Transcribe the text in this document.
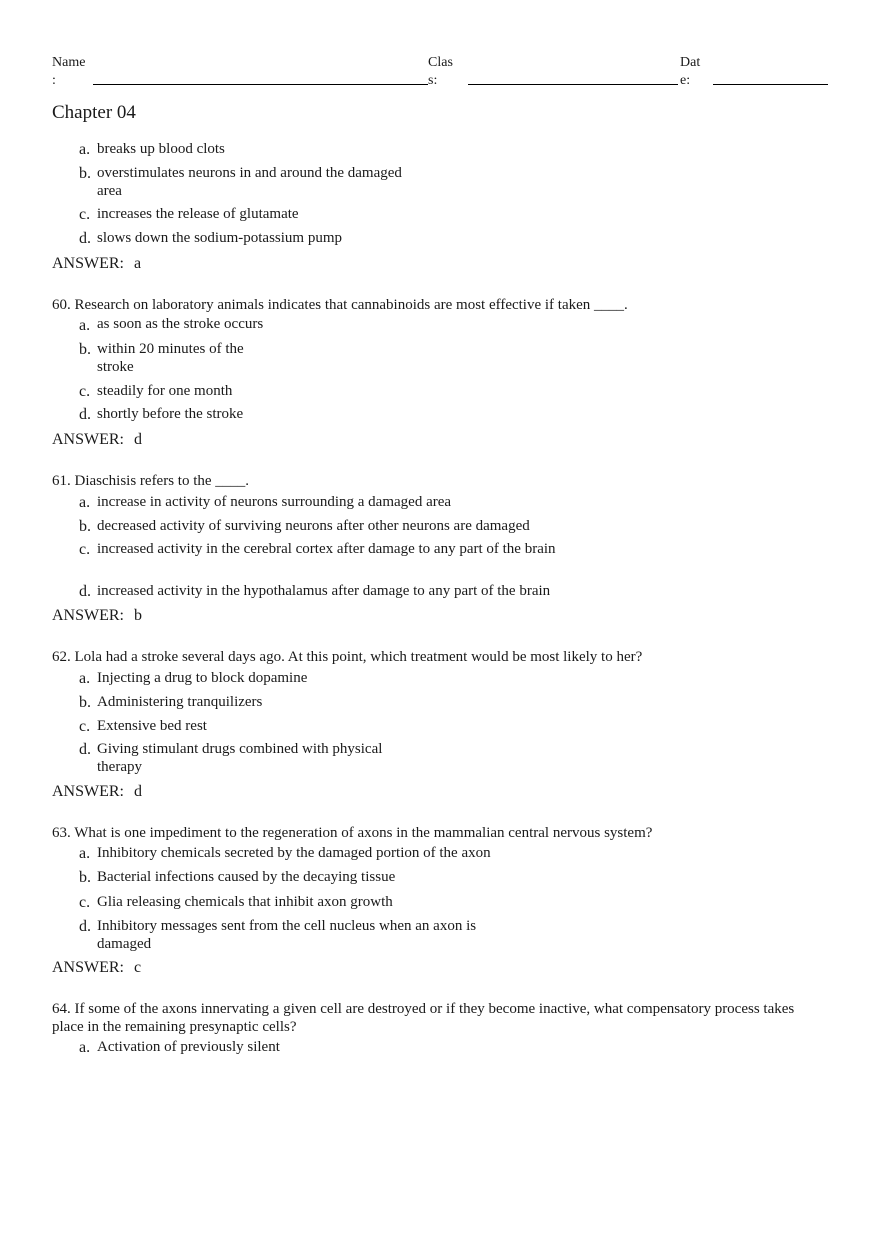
Name
:
Clas
s:
Dat
e:
Chapter 04
a. breaks up blood clots
b. overstimulates neurons in and around the damaged area
c. increases the release of glutamate
d. slows down the sodium-potassium pump
ANSWER: a
60. Research on laboratory animals indicates that cannabinoids are most effective if taken ____.
a. as soon as the stroke occurs
b. within 20 minutes of the stroke
c. steadily for one month
d. shortly before the stroke
ANSWER: d
61. Diaschisis refers to the ____.
a. increase in activity of neurons surrounding a damaged area
b. decreased activity of surviving neurons after other neurons are damaged
c. increased activity in the cerebral cortex after damage to any part of the brain
d. increased activity in the hypothalamus after damage to any part of the brain
ANSWER: b
62. Lola had a stroke several days ago. At this point, which treatment would be most likely to her?
a. Injecting a drug to block dopamine
b. Administering tranquilizers
c. Extensive bed rest
d. Giving stimulant drugs combined with physical therapy
ANSWER: d
63. What is one impediment to the regeneration of axons in the mammalian central nervous system?
a. Inhibitory chemicals secreted by the damaged portion of the axon
b. Bacterial infections caused by the decaying tissue
c. Glia releasing chemicals that inhibit axon growth
d. Inhibitory messages sent from the cell nucleus when an axon is damaged
ANSWER: c
64. If some of the axons innervating a given cell are destroyed or if they become inactive, what compensatory process takes place in the remaining presynaptic cells?
a. Activation of previously silent
